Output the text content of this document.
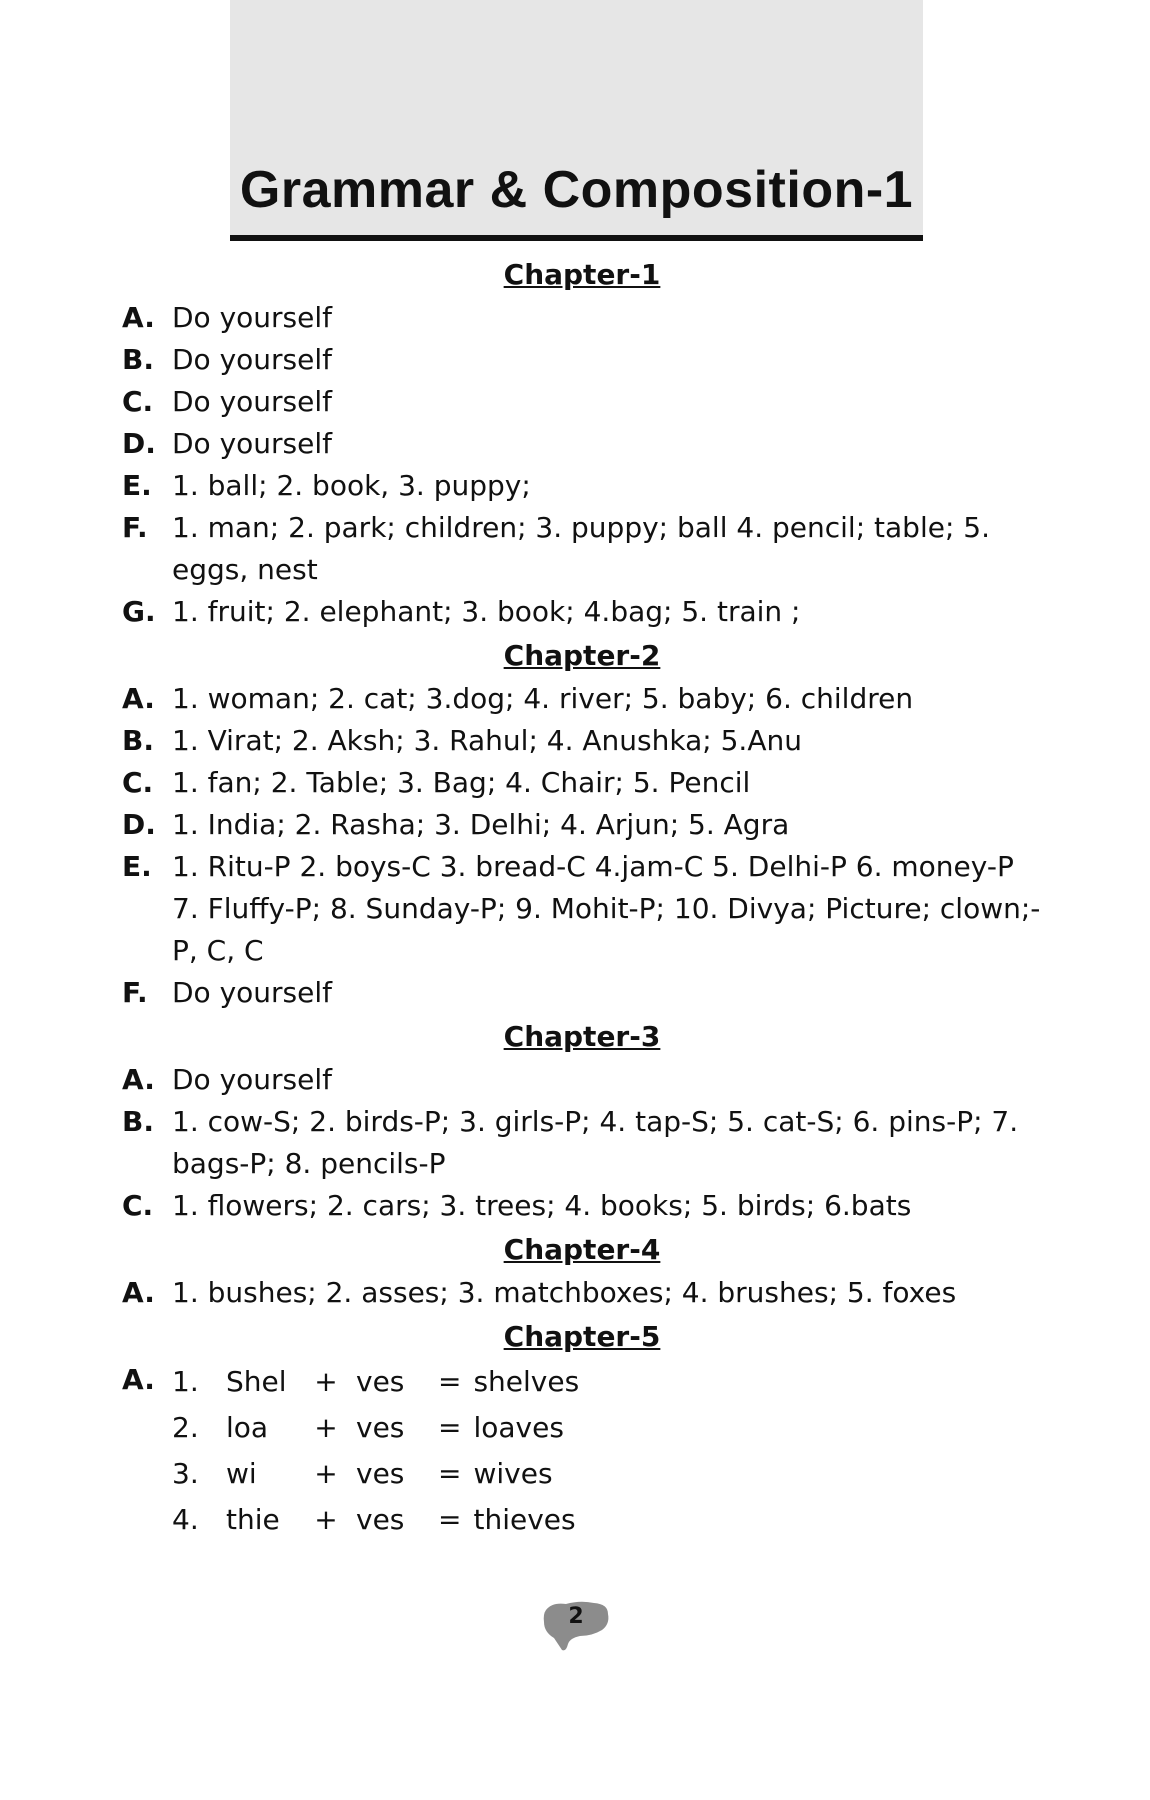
Grammar & Composition-1
Chapter-1
A. Do yourself
B. Do yourself
C. Do yourself
D. Do yourself
E. 1. ball; 2. book, 3. puppy;
F. 1. man; 2. park; children; 3. puppy; ball 4. pencil; table; 5. eggs, nest
G. 1. fruit; 2. elephant; 3. book; 4.bag; 5. train ;
Chapter-2
A. 1. woman; 2. cat; 3.dog; 4. river; 5. baby; 6. children
B. 1. Virat; 2. Aksh; 3. Rahul; 4. Anushka; 5.Anu
C. 1. fan; 2. Table; 3. Bag; 4. Chair; 5. Pencil
D. 1. India; 2. Rasha; 3. Delhi; 4. Arjun; 5. Agra
E. 1. Ritu-P 2. boys-C 3. bread-C 4.jam-C 5. Delhi-P 6. money-P 7. Fluffy-P; 8. Sunday-P; 9. Mohit-P; 10. Divya; Picture; clown;-P, C, C
F. Do yourself
Chapter-3
A. Do yourself
B. 1. cow-S; 2. birds-P; 3. girls-P; 4. tap-S; 5. cat-S; 6. pins-P; 7. bags-P; 8. pencils-P
C. 1. flowers; 2. cars; 3. trees; 4. books; 5. birds; 6.bats
Chapter-4
A. 1. bushes; 2. asses; 3. matchboxes; 4. brushes; 5. foxes
Chapter-5
A. 1.	Shel	+	ves	=	shelves
2.	loa	+	ves	=	loaves
3.	wi	+	ves	=	wives
4.	thie	+	ves	=	thieves
2
